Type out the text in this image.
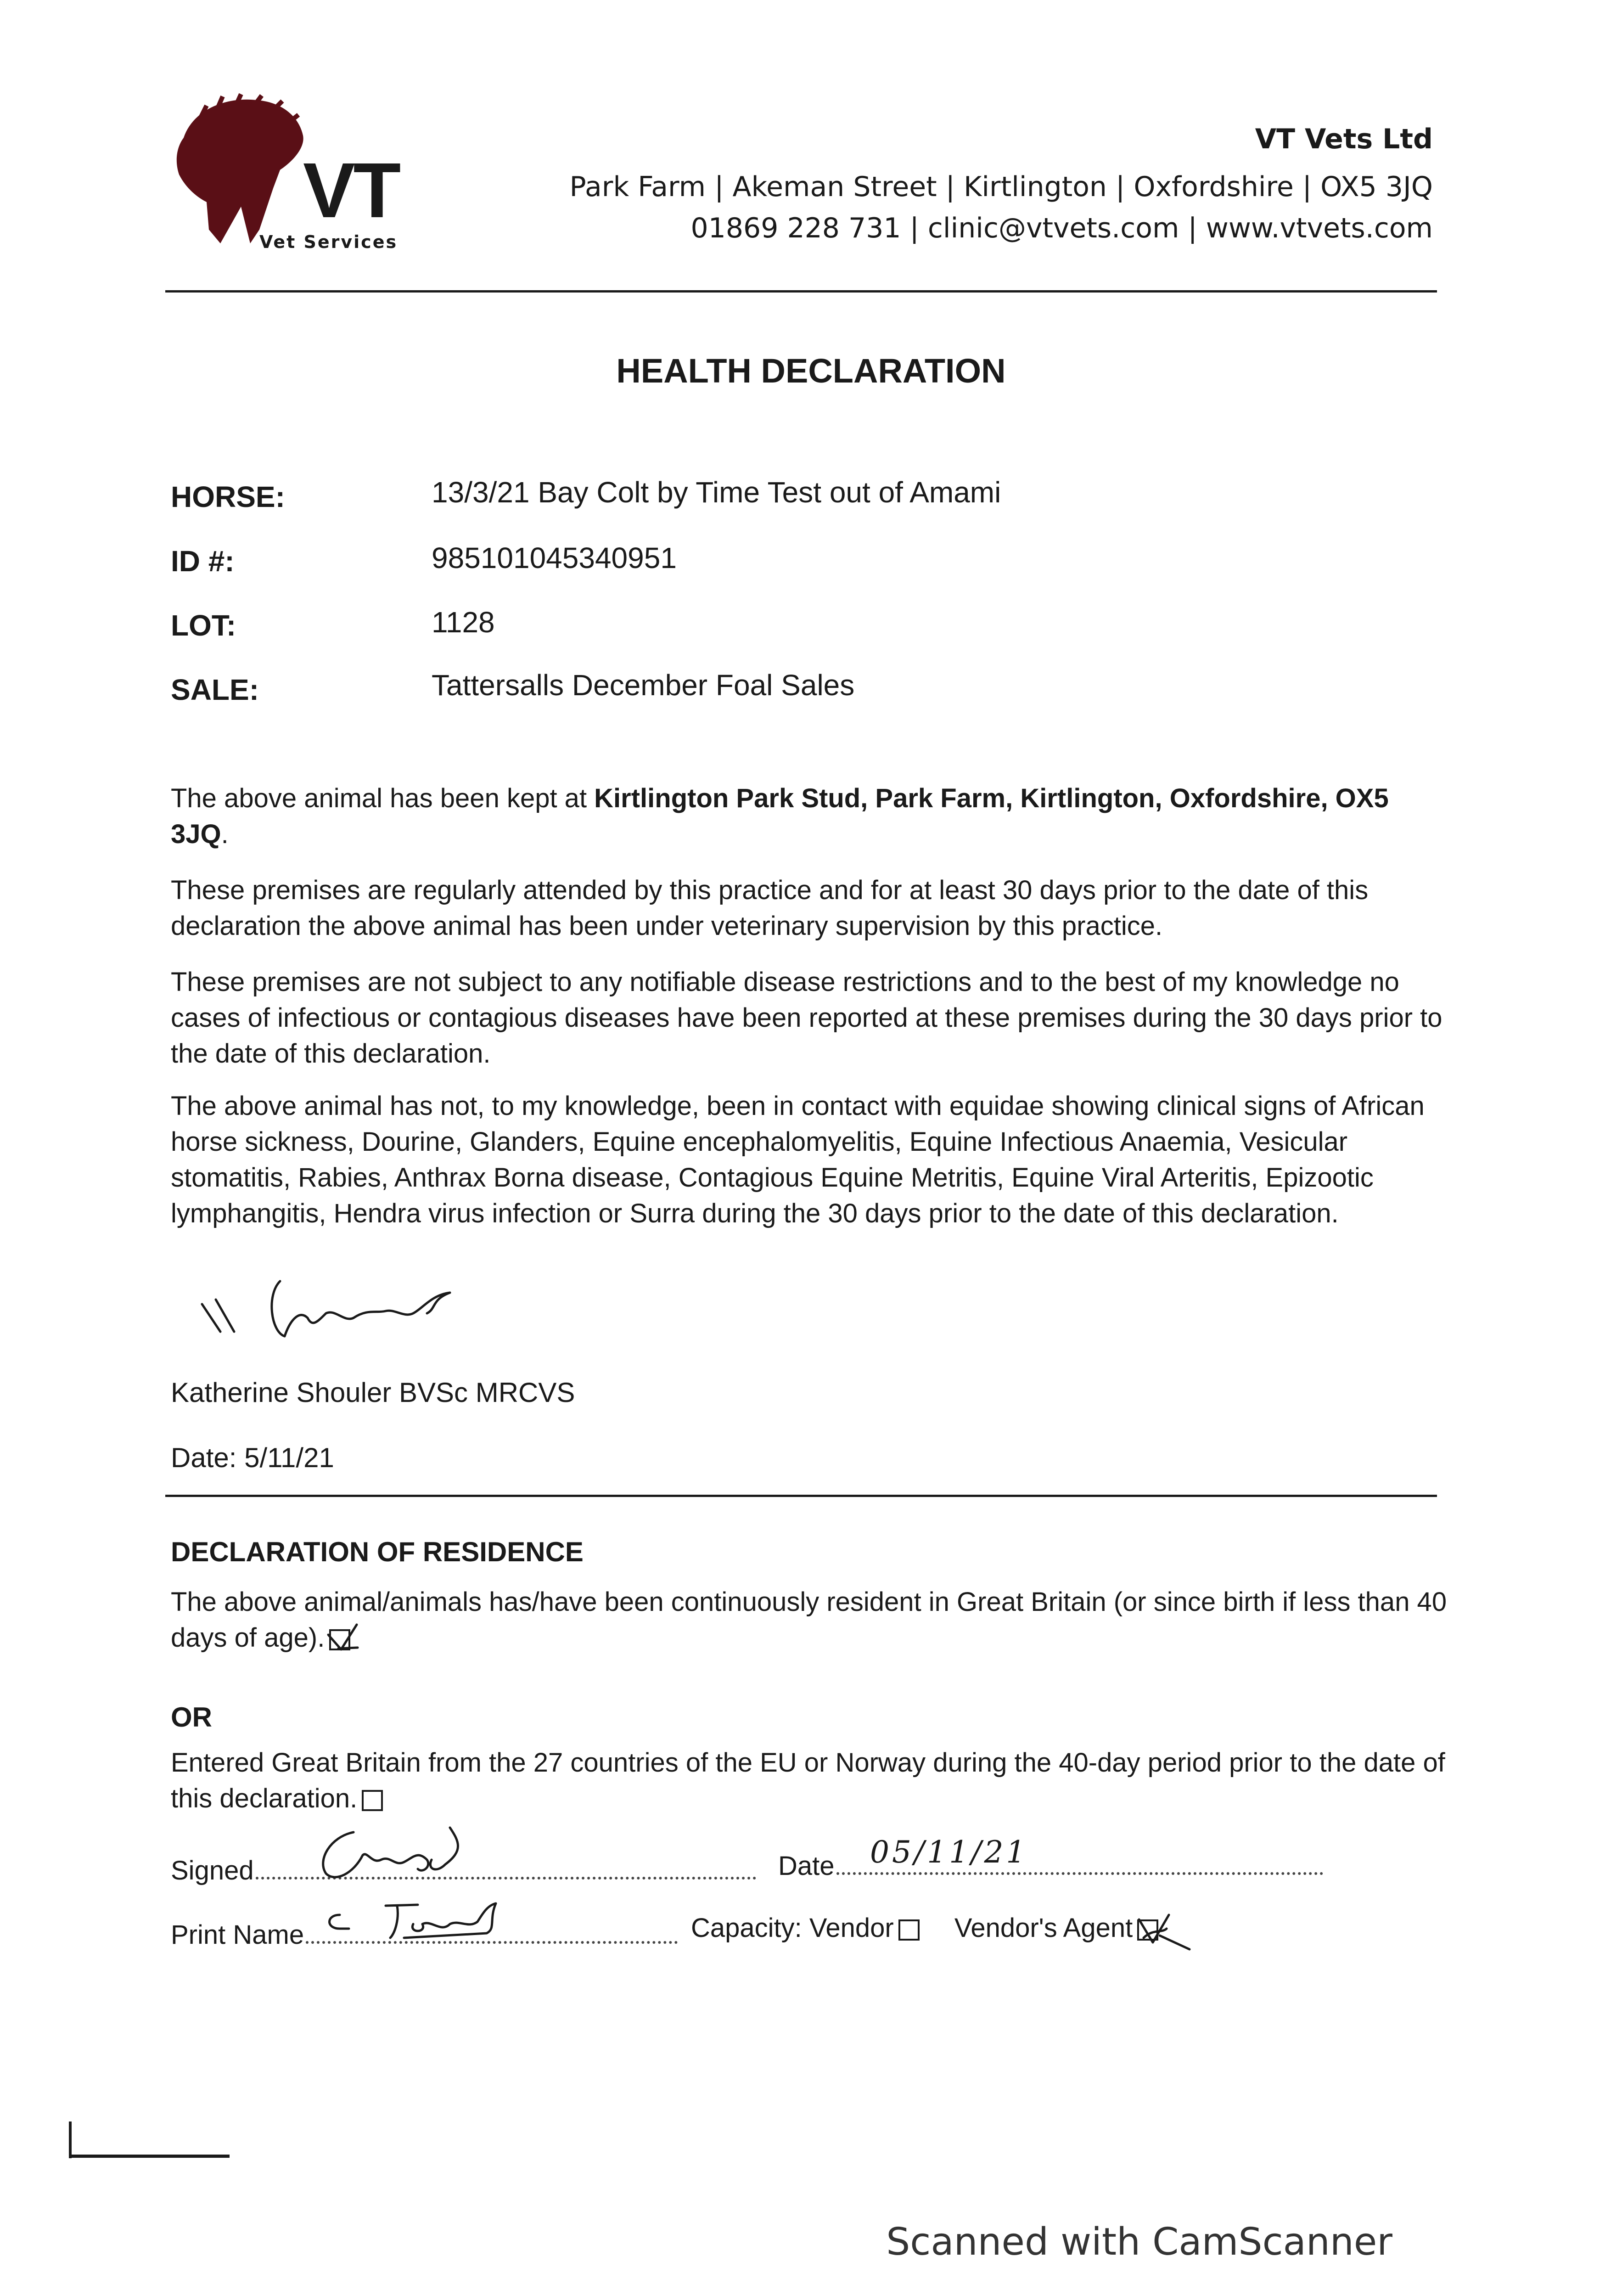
VT
Vet Services
VT Vets Ltd
Park Farm | Akeman Street | Kirtlington | Oxfordshire | OX5 3JQ
01869 228 731 | clinic@vtvets.com | www.vtvets.com
HEALTH DECLARATION
HORSE:	13/3/21 Bay Colt by Time Test out of Amami
ID #:	985101045340951
LOT:	1128
SALE:	Tattersalls December Foal Sales
The above animal has been kept at Kirtlington Park Stud, Park Farm, Kirtlington, Oxfordshire, OX5 3JQ.
These premises are regularly attended by this practice and for at least 30 days prior to the date of this declaration the above animal has been under veterinary supervision by this practice.
These premises are not subject to any notifiable disease restrictions and to the best of my knowledge no cases of infectious or contagious diseases have been reported at these premises during the 30 days prior to the date of this declaration.
The above animal has not, to my knowledge, been in contact with equidae showing clinical signs of African horse sickness, Dourine, Glanders, Equine encephalomyelitis, Equine Infectious Anaemia, Vesicular stomatitis, Rabies, Anthrax Borna disease, Contagious Equine Metritis, Equine Viral Arteritis, Epizootic lymphangitis, Hendra virus infection or Surra during the 30 days prior to the date of this declaration.
Katherine Shouler BVSc MRCVS
Date: 5/11/21
DECLARATION OF RESIDENCE
The above animal/animals has/have been continuously resident in Great Britain (or since birth if less than 40 days of age).
OR
Entered Great Britain from the 27 countries of the EU or Norway during the 40-day period prior to the date of this declaration.
Signed	Date	05/11/21
Print Name	Capacity: Vendor Vendor's Agent
Scanned with CamScanner
